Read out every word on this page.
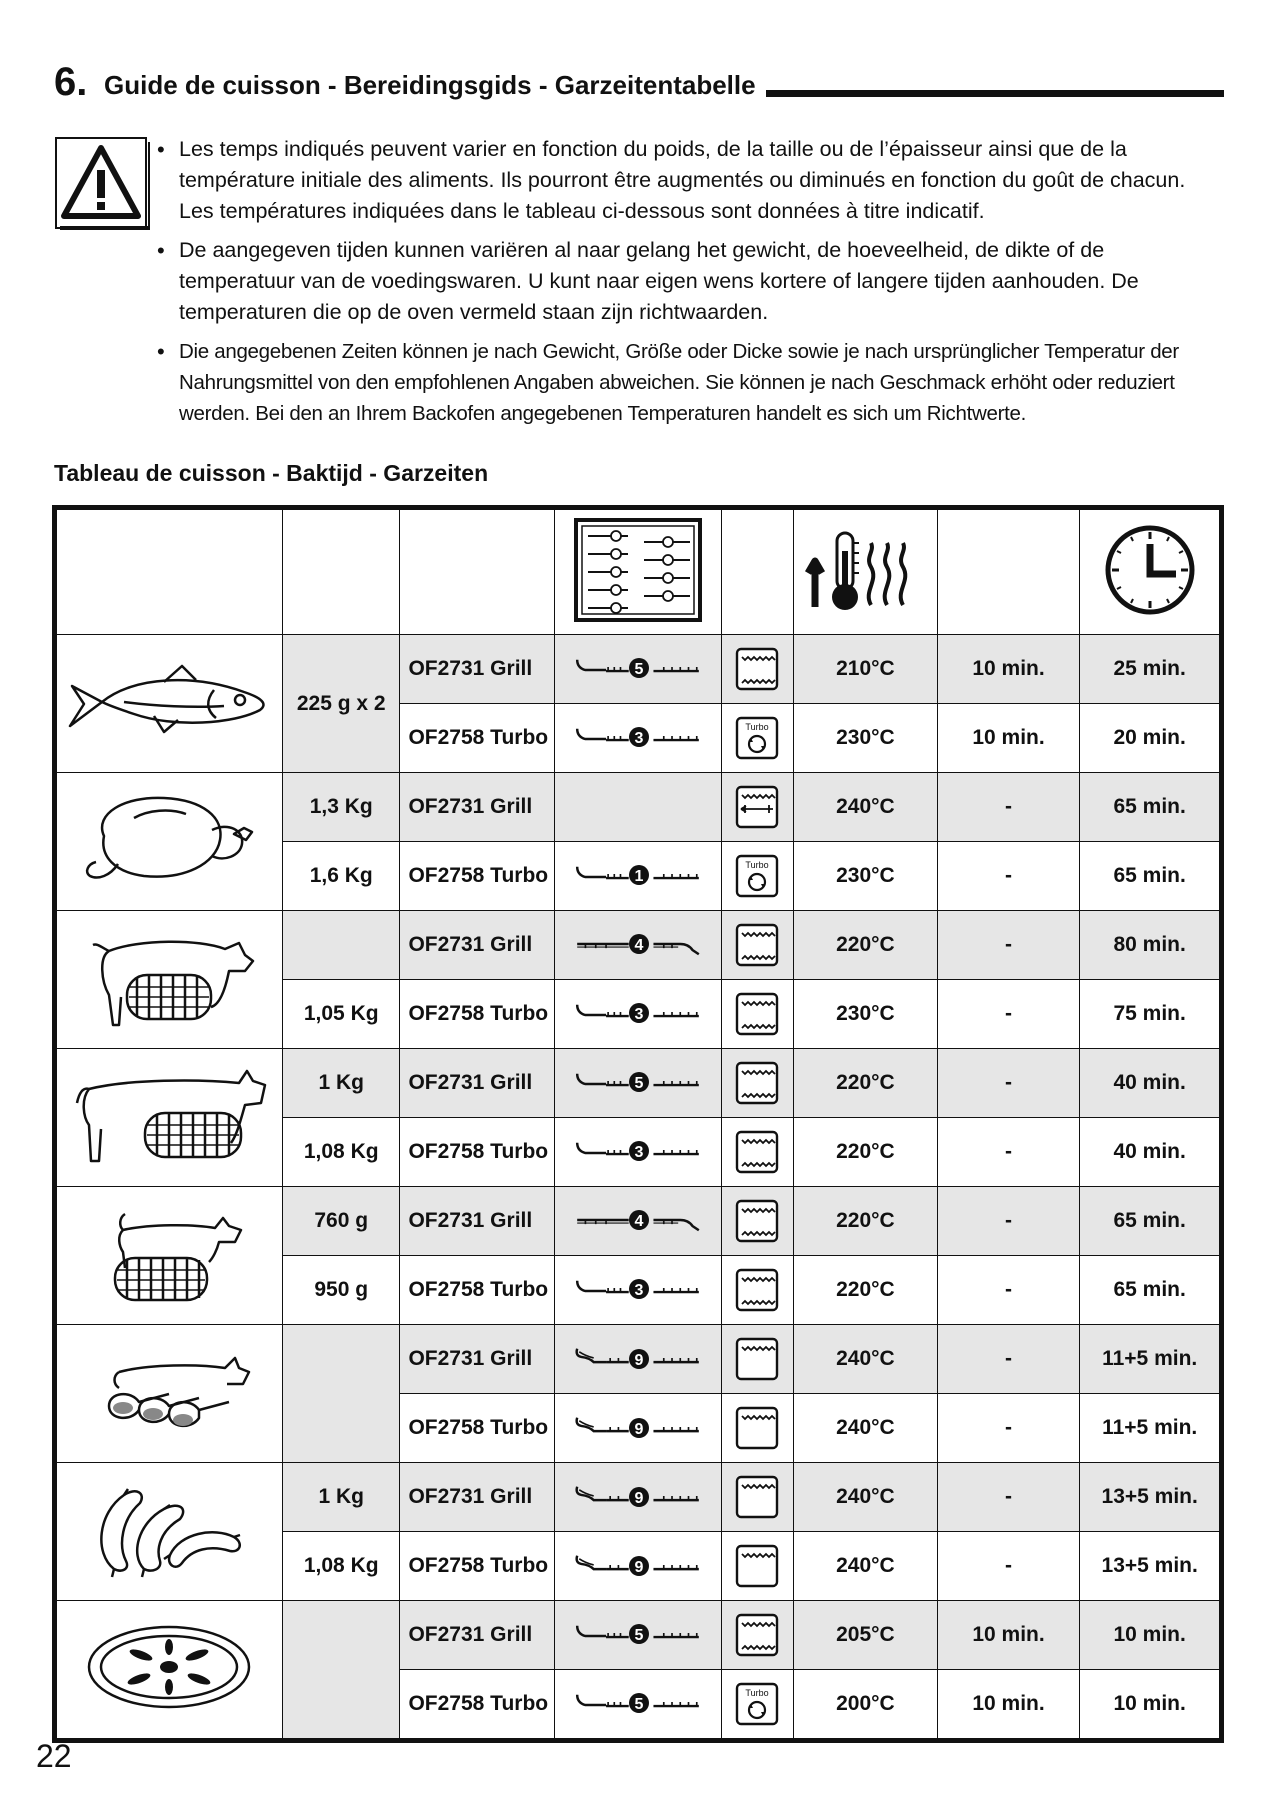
6. Guide de cuisson - Bereidingsgids - Garzeitentabelle
• Les temps indiqués peuvent varier en fonction du poids, de la taille ou de l’épaisseur ainsi que de la température initiale des aliments. Ils pourront être augmentés ou diminués en fonction du goût de chacun. Les températures indiquées dans le tableau ci-dessous sont données à titre indicatif.
• De aangegeven tijden kunnen variëren al naar gelang het gewicht, de hoeveelheid, de dikte of de temperatuur van de voedingswaren. U kunt naar eigen wens kortere of langere tijden aanhouden. De temperaturen die op de oven vermeld staan zijn richtwaarden.
• Die angegebenen Zeiten können je nach Gewicht, Größe oder Dicke sowie je nach ursprünglicher Temperatur der Nahrungsmittel von den empfohlenen Angaben abweichen. Sie können je nach Geschmack erhöht oder reduziert werden. Bei den an Ihrem Backofen angegebenen Temperaturen handelt es sich um Richtwerte.
Tableau de cuisson - Baktijd - Garzeiten

	225 g x 2	OF2731 Grill	5		210°C	10 min.	25 min.
		OF2758 Turbo	3		230°C	10 min.	20 min.
	1,3 Kg	OF2731 Grill			240°C	-	65 min.
	1,6 Kg	OF2758 Turbo	1		230°C	-	65 min.
		OF2731 Grill	4		220°C	-	80 min.
	1,05 Kg	OF2758 Turbo	3		230°C	-	75 min.
	1 Kg	OF2731 Grill	5		220°C	-	40 min.
	1,08 Kg	OF2758 Turbo	3		220°C	-	40 min.
	760 g	OF2731 Grill	4		220°C	-	65 min.
	950 g	OF2758 Turbo	3		220°C	-	65 min.
		OF2731 Grill	9		240°C	-	11+5 min.
		OF2758 Turbo	9		240°C	-	11+5 min.
	1 Kg	OF2731 Grill	9		240°C	-	13+5 min.
	1,08 Kg	OF2758 Turbo	9		240°C	-	13+5 min.
		OF2731 Grill	5		205°C	10 min.	10 min.
		OF2758 Turbo	5		200°C	10 min.	10 min.
22
